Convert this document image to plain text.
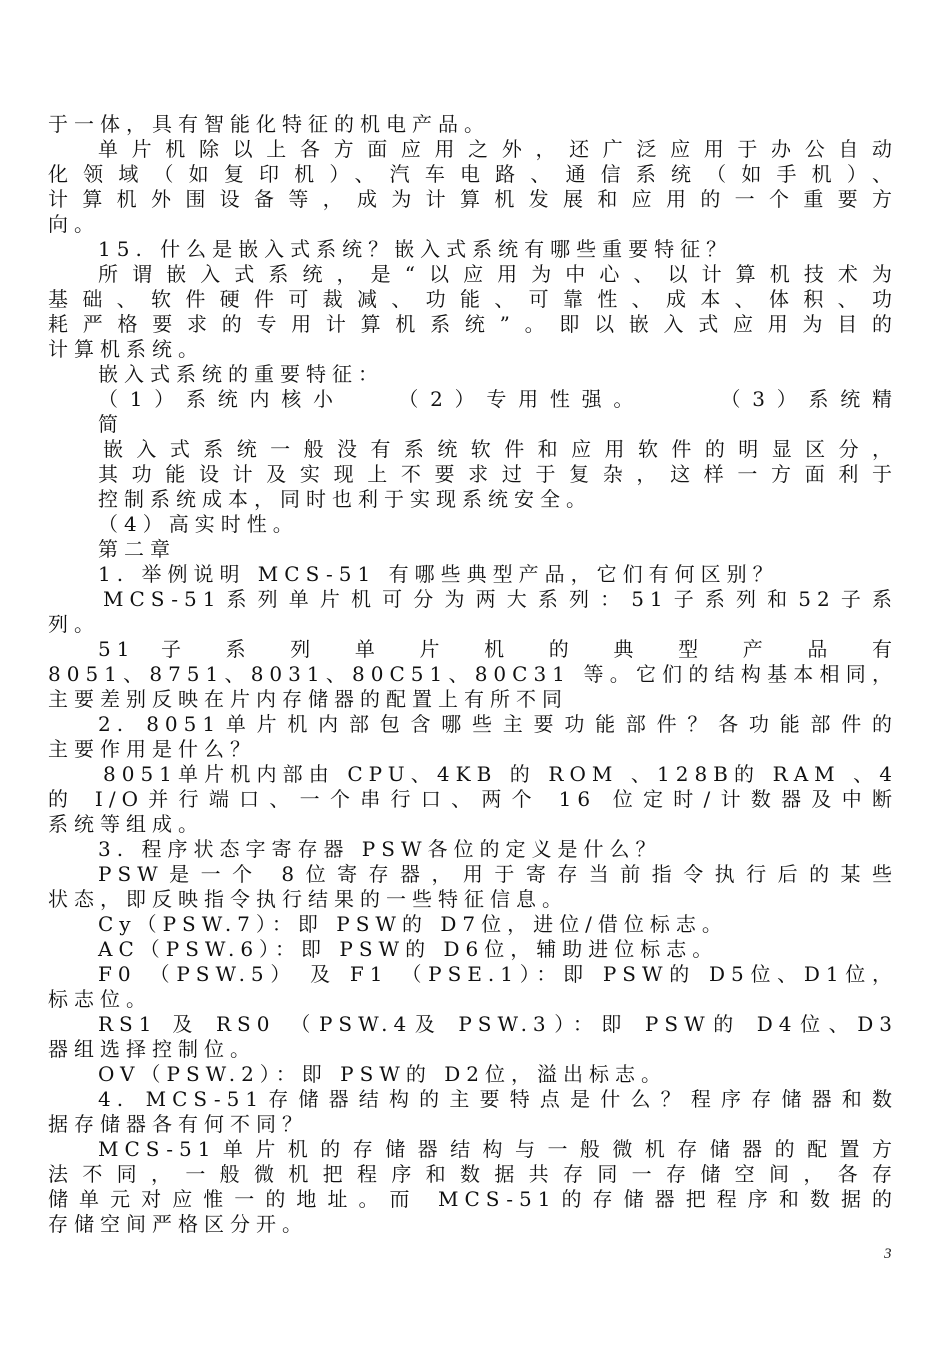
于一体，具有智能化特征的机电产品。
单片机除以上各方面应用之外，还广泛应用于办公自动
化领域（如复印机）、汽车电路、通信系统（如手机）、
计算机外围设备等，成为计算机发展和应用的一个重要方
向。
15. 什么是嵌入式系统？嵌入式系统有哪些重要特征？
所谓嵌入式系统，是“以应用为中心、以计算机技术为
基础、软件硬件可裁减、功能、可靠性、成本、体积、功
耗严格要求的专用计算机系统”。即以嵌入式应用为目的
计算机系统。
嵌入式系统的重要特征：
（1）系统内核小　　（2）专用性强。　　　（3）系统精
简
嵌入式系统一般没有系统软件和应用软件的明显区分，
其功能设计及实现上不要求过于复杂，这样一方面利于
控制系统成本，同时也利于实现系统安全。
（4）高实时性。
第二章
1. 举例说明 MCS-51 有哪些典型产品，它们有何区别？
MCS-51系列单片机可分为两大系列：51子系列和52子系
列。
51 子 系 列 单 片 机 的 典 型 产 品 有
8051、8751、8031、80C51、80C31 等。它们的结构基本相同，
主要差别反映在片内存储器的配置上有所不同
2. 8051单片机内部包含哪些主要功能部件？各功能部件的
主要作用是什么？
8051单片机内部由 CPU、4KB 的 ROM 、128B的 RAM 、4
的 I/O并行端口、一个串行口、两个 16 位定时/计数器及中断
系统等组成。
3. 程序状态字寄存器 PSW各位的定义是什么？
PSW是一个 8位寄存器，用于寄存当前指令执行后的某些
状态，即反映指令执行结果的一些特征信息。
Cy（PSW.7）：即 PSW的 D7位，进位/借位标志。
AC（PSW.6）：即 PSW的 D6位，辅助进位标志。
F0 （PSW.5） 及 F1 （PSE.1）：即 PSW的 D5位、D1位，
标志位。
RS1 及 RS0 （PSW.4及 PSW.3）：即 PSW的 D4位、D3
器组选择控制位。
OV（PSW.2）：即 PSW的 D2位，溢出标志。
4. MCS-51存储器结构的主要特点是什么？程序存储器和数
据存储器各有何不同？
MCS-51单片机的存储器结构与一般微机存储器的配置方
法不同，一般微机把程序和数据共存同一存储空间，各存
储单元对应惟一的地址。而 MCS-51的存储器把程序和数据的
存储空间严格区分开。
3
